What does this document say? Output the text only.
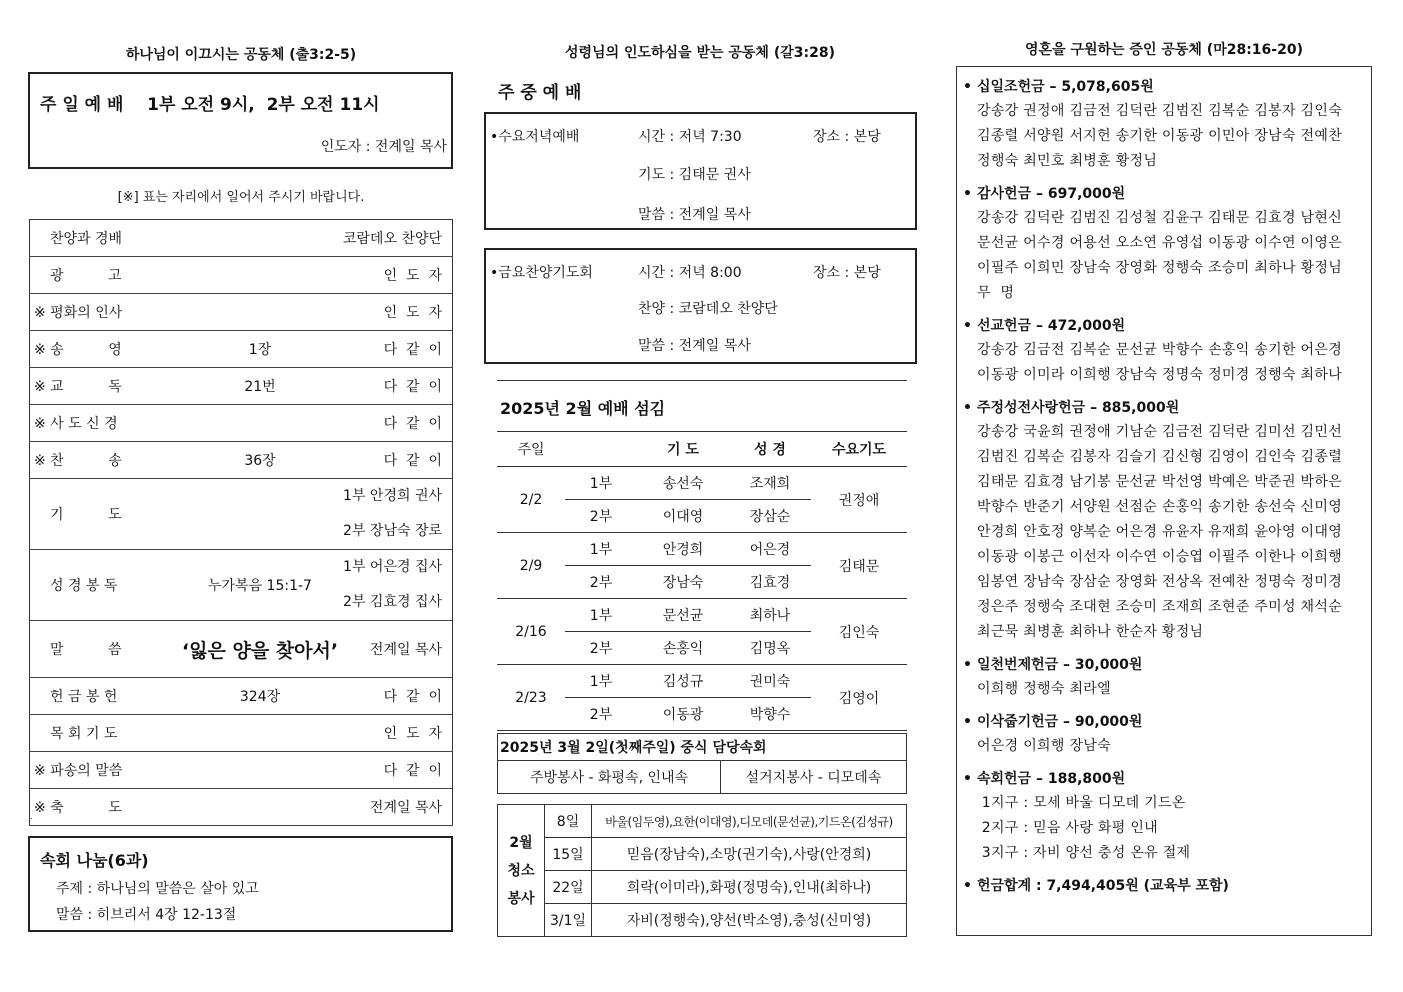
하나님이 이끄시는 공동체 (출3:2-5)
주 일 예 배    1부 오전 9시,  2부 오전 11시
인도자 : 전계일 목사
[※] 표는 자리에서 일어서 주시기 바랍니다.
찬양과 경배		코람데오 찬양단
광          고		인  도  자
※ 평화의 인사		인  도  자
※ 송          영	1장	다  같  이
※ 교          독	21번	다  같  이
※ 사 도 신 경		다  같  이
※ 찬          송	36장	다  같  이
기          도		1부 안경희 권사
2부 장남숙 장로

성 경 봉 독	누가복음 15:1-7	1부 어은경 집사
2부 김효경 집사

말          씀	‘잃은 양을 찾아서’	전계일 목사
헌 금 봉 헌	324장	다  같  이
목 회 기 도		인  도  자
※ 파송의 말씀		다  같  이
※ 축          도		전계일 목사
.
속회 나눔(6과)
주제 : 하나님의 말씀은 살아 있고
말씀 : 히브리서 4장 12-13절
성령님의 인도하심을 받는 공동체 (갈3:28)
주 중 예 배
•수요저녁예배	시간 : 저녁 7:30	장소 : 본당
기도 : 김태문 권사
말씀 : 전계일 목사
•금요찬양기도회	시간 : 저녁 8:00	장소 : 본당
찬양 : 코람데오 찬양단
말씀 : 전계일 목사
2025년 2월 예배 섬김
주일		기 도	성 경	수요기도
2/2	1부	송선숙	조재희	권정애
	2부	이대영	장삼순	
2/9	1부	안경희	어은경	김태문
	2부	장남숙	김효경	
2/16	1부	문선균	최하나	김인숙
	2부	손홍익	김명옥	
2/23	1부	김성규	권미숙	김영이
	2부	이동광	박향수	
2025년 3월 2일(첫째주일) 중식 담당속회
주방봉사 - 화평속, 인내속	설거지봉사 - 디모데속
2월 청소 봉사	8일	바울(임두영),요한(이대영),디모데(문선균),기드온(김성규)
	15일	믿음(장남숙),소망(권기숙),사랑(안경희)
	22일	희락(이미라),화평(정명숙),인내(최하나)
	3/1일	자비(정행숙),양선(박소영),충성(신미영)
영혼을 구원하는 증인 공동체 (마28:16-20)
• 십일조헌금 – 5,078,605원
강송강 권정애 김금전 김덕란 김범진 김복순 김봉자 김인숙
김종렬 서양원 서지헌 송기한 이동광 이민아 장남숙 전예찬
정행숙 최민호 최병훈 황정님
• 감사헌금 – 697,000원
강송강 김덕란 김범진 김성철 김윤구 김태문 김효경 남현신
문선균 어수경 어용선 오소연 유영섭 이동광 이수연 이영은
이필주 이희민 장남숙 장영화 정행숙 조승미 최하나 황정님
무  명
• 선교헌금 – 472,000원
강송강 김금전 김복순 문선균 박향수 손홍익 송기한 어은경
이동광 이미라 이희행 장남숙 정명숙 정미경 정행숙 최하나
• 주정성전사랑헌금 – 885,000원
강송강 국윤희 권정애 기남순 김금전 김덕란 김미선 김민선
김범진 김복순 김봉자 김슬기 김신형 김영이 김인숙 김종렬
김태문 김효경 남기봉 문선균 박선영 박예은 박준권 박하은
박향수 반준기 서양원 선점순 손홍익 송기한 송선숙 신미영
안경희 안호정 양복순 어은경 유윤자 유재희 윤아영 이대영
이동광 이봉근 이선자 이수연 이승엽 이필주 이한나 이희행
임봉연 장남숙 장삼순 장영화 전상옥 전예찬 정명숙 정미경
정은주 정행숙 조대현 조승미 조재희 조현준 주미성 채석순
최근묵 최병훈 최하나 한순자 황정님
• 일천번제헌금 – 30,000원
이희행 정행숙 최라엘
• 이삭줍기헌금 – 90,000원
어은경 이희행 장남숙
• 속회헌금 – 188,800원
1지구 : 모세 바울 디모데 기드온
2지구 : 믿음 사랑 화평 인내
3지구 : 자비 양선 충성 온유 절제
• 헌금합계 : 7,494,405원 (교육부 포함)
